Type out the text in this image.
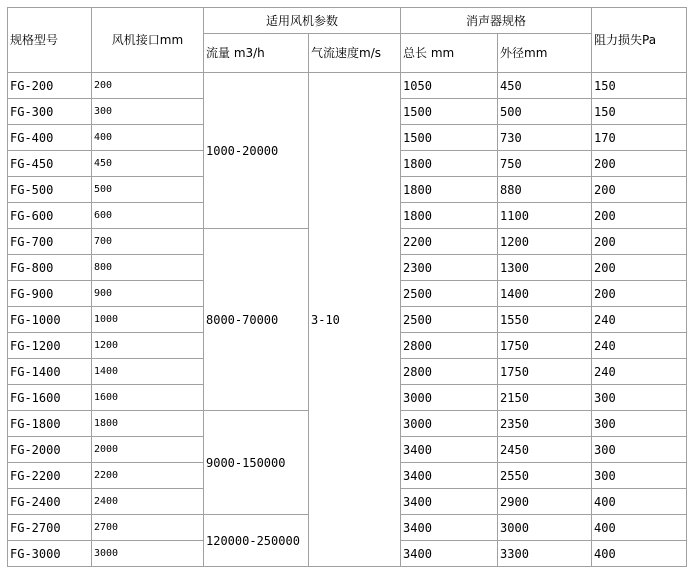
规格型号	风机接口mm	适用风机参数		消声器规格		阻力损失Pa
		流量 m3/h	气流速度m/s	总长 mm	外径mm	
FG-200	200	1000-20000	3-10	1050	450	150
FG-300	300			1500	500	150
FG-400	400			1500	730	170
FG-450	450			1800	750	200
FG-500	500			1800	880	200
FG-600	600			1800	1100	200
FG-700	700	8000-70000		2200	1200	200
FG-800	800			2300	1300	200
FG-900	900			2500	1400	200
FG-1000	1000			2500	1550	240
FG-1200	1200			2800	1750	240
FG-1400	1400			2800	1750	240
FG-1600	1600			3000	2150	300
FG-1800	1800	9000-150000		3000	2350	300
FG-2000	2000			3400	2450	300
FG-2200	2200			3400	2550	300
FG-2400	2400			3400	2900	400
FG-2700	2700	120000-250000		3400	3000	400
FG-3000	3000			3400	3300	400
